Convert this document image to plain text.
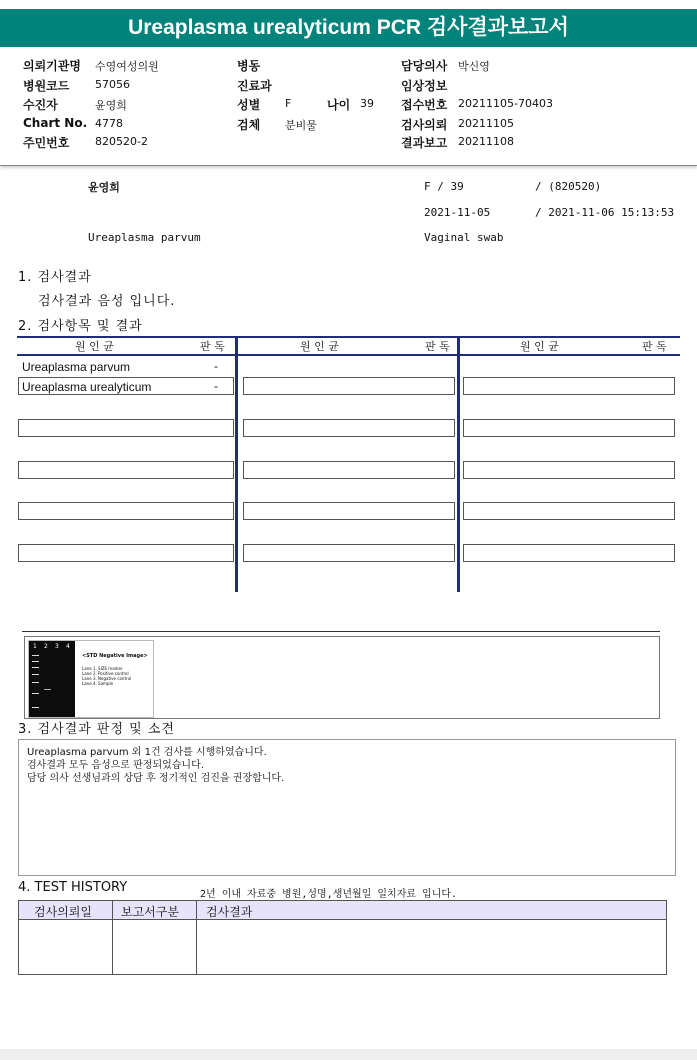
Ureaplasma urealyticum PCR 검사결과보고서
의뢰기관명 수영여성의원
병원코드 57056
수진자	윤영희
Chart No. 4778
주민번호 820520-2
병동
진료과
성별 F	나이 39
검체 분비물
담당의사 박신영
임상정보
접수번호 20211105-70403
검사의뢰 20211105
결과보고 20211108
윤영희	F / 39	/ (820520)
2021-11-05	/ 2021-11-06 15:13:53
Ureaplasma parvum	Vaginal swab
1. 검사결과
검사결과 음성 입니다.
2. 검사항목 및 결과
원 인 균	판 독	원 인 균	판 독	원 인 균	판 독
Ureaplasma parvum	-
Ureaplasma urealyticum	-
1 2 3 4
<STD Negative Image>
Lane 1. SIZE marker
Lane 2. Positive control
Lane 3. Negative control
Lane 4. Sample
3. 검사결과 판정 및 소견
Ureaplasma parvum 외 1건 검사를 시행하였습니다.
검사결과 모두 음성으로 판정되었습니다.
담당 의사 선생님과의 상담 후 정기적인 검진을 권장합니다.
4. TEST HISTORY	2년 이내 자료중 병원,성명,생년월일 일치자료 입니다.
검사의뢰일 보고서구분 검사결과
